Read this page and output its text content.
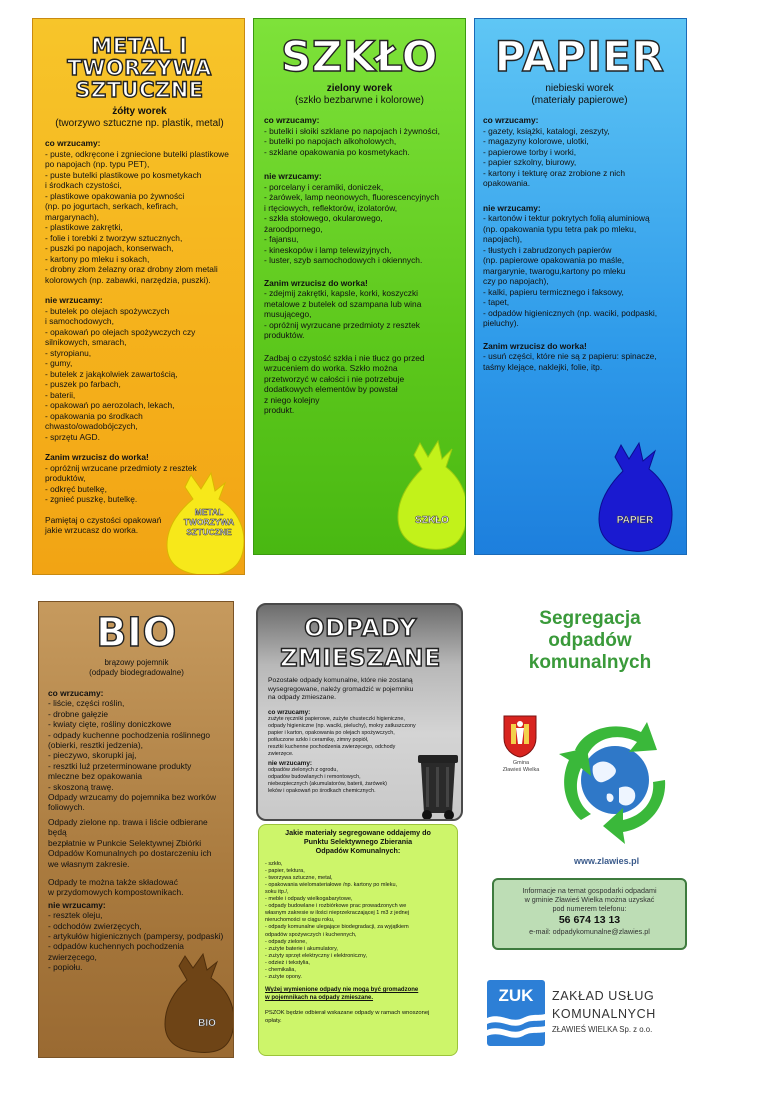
METAL I TWORZYWA SZTUCZNE
żółty worek
(tworzywo sztuczne np. plastik, metal)
co wrzucamy:
- puste, odkręcone i zgniecione butelki plastikowe
po napojach (np. typu PET),
- puste butelki plastikowe po kosmetykach
i środkach czystości,
- plastikowe opakowania po żywności
(np. po jogurtach, serkach, kefirach,
margarynach),
- plastikowe zakrętki,
- folie i torebki z tworzyw sztucznych,
- puszki po napojach, konserwach,
- kartony po mleku i sokach,
- drobny złom żelazny oraz drobny złom metali
kolorowych (np. zabawki, narzędzia, puszki).
nie wrzucamy:
- butelek po olejach spożywczych
i samochodowych,
- opakowań po olejach spożywczych czy
silnikowych, smarach,
- styropianu,
- gumy,
- butelek z jakąkolwiek zawartością,
- puszek po farbach,
- baterii,
- opakowań po aerozolach, lekach,
- opakowania po środkach
chwasto/owadobójczych,
- sprzętu AGD.
Zanim wrzucisz do worka!
- opróżnij wrzucane przedmioty z resztek
produktów,
- odkręć butelkę,
- zgnieć puszkę, butelkę.
Pamiętaj o czystości opakowań
jakie wrzucasz do worka.
METAL
TWORZYWA
SZTUCZNE
SZKŁO
zielony worek
(szkło bezbarwne i kolorowe)
co wrzucamy:
- butelki i słoiki szklane po napojach i żywności,
- butelki po napojach alkoholowych,
- szklane opakowania po kosmetykach.
nie wrzucamy:
- porcelany i ceramiki, doniczek,
- żarówek, lamp neonowych, fluorescencyjnych
i rtęciowych, reflektorów, izolatorów,
- szkła stołowego, okularowego,
żaroodpornego,
- fajansu,
- kineskopów i lamp telewizyjnych,
- luster, szyb samochodowych i okiennych.
Zanim wrzucisz do worka!
- zdejmij zakrętki, kapsle, korki, koszyczki
metalowe z butelek od szampana lub wina
musującego,
- opróżnij wyrzucane przedmioty z resztek
produktów.
Zadbaj o czystość szkła i nie tłucz go przed
wrzuceniem do worka. Szkło można
przetworzyć w całości i nie potrzebuje
dodatkowych elementów by powstał
z niego kolejny
produkt.
SZKŁO
PAPIER
niebieski worek
(materiały papierowe)
co wrzucamy:
- gazety, książki, katalogi, zeszyty,
- magazyny kolorowe, ulotki,
- papierowe torby i worki,
- papier szkolny, biurowy,
- kartony i tekturę oraz zrobione z nich
opakowania.
nie wrzucamy:
- kartonów i tektur pokrytych folią aluminiową
(np. opakowania typu tetra pak po mleku,
napojach),
- tłustych i zabrudzonych papierów
(np. papierowe opakowania po maśle,
margarynie, twarogu,kartony po mleku
czy po napojach),
- kalki, papieru termicznego i faksowy,
- tapet,
- odpadów higienicznych (np. waciki, podpaski,
pieluchy).
Zanim wrzucisz do worka!
- usuń części, które nie są z papieru: spinacze,
taśmy klejące, naklejki, folie, itp.
PAPIER
BIO
brązowy pojemnik
(odpady biodegradowalne)
co wrzucamy:
- liście, części roślin,
- drobne gałęzie
- kwiaty cięte, rośliny doniczkowe
- odpady kuchenne pochodzenia roślinnego
(obierki, resztki jedzenia),
- pieczywo, skorupki jaj,
- resztki luź przeterminowane produkty
mleczne bez opakowania
- skoszoną trawę.
Odpady wrzucamy do pojemnika bez worków
foliowych.
Odpady zielone np. trawa i liście odbierane będą
bezpłatnie w Punkcie Selektywnej Zbiórki
Odpadów Komunalnych po dostarczeniu ich
we własnym zakresie.
Odpady te można także składować
w przydomowych kompostownikach.
nie wrzucamy:
- resztek oleju,
- odchodów zwierzęcych,
- artykułów higienicznych (pampersy, podpaski)
- odpadów kuchennych pochodzenia
zwierzęcego,
- popiołu.
BIO
ODPADY
ZMIESZANE
Pozostałe odpady komunalne, które nie zostaną
wysegregowane, należy gromadzić w pojemniku
na odpady zmieszane.
co wrzucamy:
zużyte ręczniki papierowe, zużyte chusteczki higieniczne,
odpady higieniczne (np. waciki, pieluchy), mokry zatłuszczony
papier i karton, opakowania po olejach spożywczych,
potłuczone szkło i ceramikę, zimny popiół,
resztki kuchenne pochodzenia zwierzęcego, odchody
zwierzęce.
nie wrzucamy:
odpadów zielonych z ogrodu,
odpadów budowlanych i remontowych,
niebezpiecznych (akumulatorów, baterii, żarówek)
leków i opakowań po środkach chemicznych.
Jakie materiały segregowane oddajemy do
Punktu Selektywnego Zbierania
Odpadów Komunalnych:
- szkło,
- papier, tektura,
- tworzywa sztuczne, metal,
- opakowania wielomateriałowe /np. kartony po mleku,
soku itp./,
- meble i odpady wielkogabarytowe,
- odpady budowlane i rozbiórkowe prac prowadzonych we
własnym zakresie w ilości nieprzekraczającej 1 m3 z jednej
nieruchomości w ciągu roku,
- odpady komunalne ulegające biodegradacji, za wyjątkiem
odpadów spożywczych i kuchennych,
- odpady zielone,
- zużyte baterie i akumulatory,
- zużyty sprzęt elektryczny i elektroniczny,
- odzież i tekstylia,
- chemikalia,
- zużyte opony.
Wyżej wymienione odpady nie mogą być gromadzone
w pojemnikach na odpady zmieszane.
PSZOK będzie odbierał wskazane odpady w ramach wnoszonej
opłaty.
Segregacja
odpadów
komunalnych
Gmina
Zławieś Wielka
www.zlawies.pl
Informacje na temat gospodarki odpadami
w gminie Zławieś Wielka można uzyskać
pod numerem telefonu:
56 674 13 13
e-mail: odpadykomunalne@zlawies.pl
ZUK	ZAKŁAD USŁUG
KOMUNALNYCH
ZŁAWIEŚ WIELKA Sp. z o.o.
